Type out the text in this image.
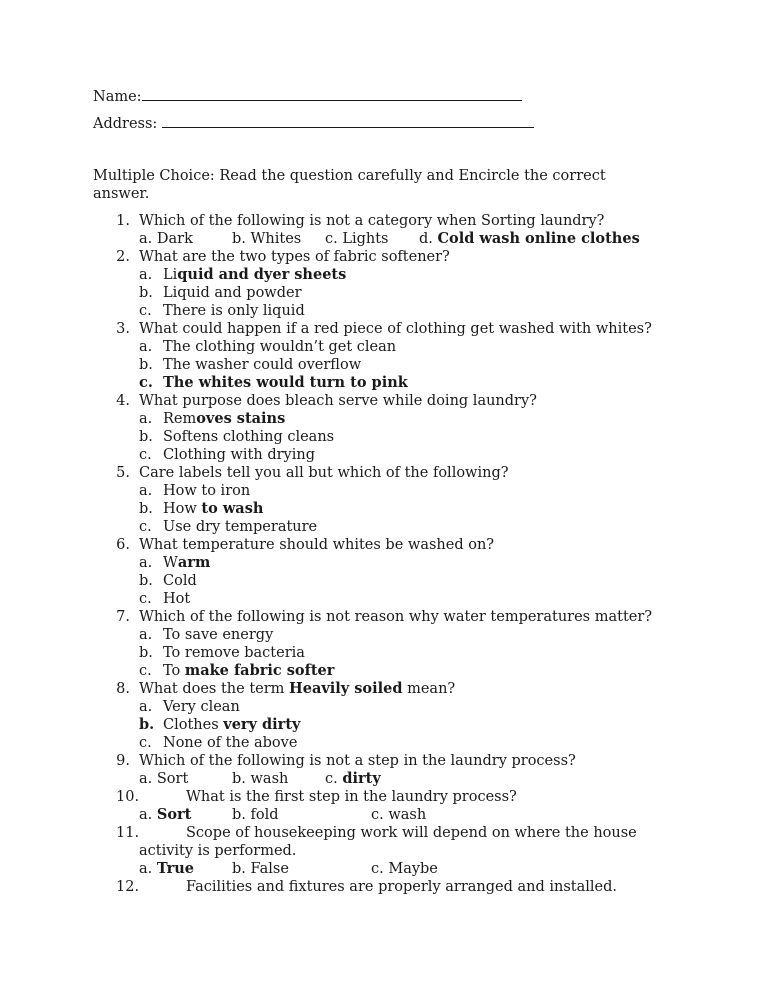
Name:
Address:
Multiple Choice: Read the question carefully and Encircle the correct
answer.
1. Which of the following is not a category when Sorting laundry?
a. Dark	b. Whites c. Lights d. Cold wash online clothes
2. What are the two types of fabric softener?
a. Liquid and dyer sheets
b. Liquid and powder
c. There is only liquid
3. What could happen if a red piece of clothing get washed with whites?
a. The clothing wouldn’t get clean
b. The washer could overflow
c. The whites would turn to pink
4. What purpose does bleach serve while doing laundry?
a. Removes stains
b. Softens clothing cleans
c. Clothing with drying
5. Care labels tell you all but which of the following?
a. How to iron
b. How to wash
c. Use dry temperature
6. What temperature should whites be washed on?
a. Warm
b. Cold
c. Hot
7. Which of the following is not reason why water temperatures matter?
a. To save energy
b. To remove bacteria
c. To make fabric softer
8. What does the term Heavily soiled mean?
a. Very clean
b. Clothes very dirty
c. None of the above
9. Which of the following is not a step in the laundry process?
a. Sort	b. wash	c. dirty
10.	What is the first step in the laundry process?
a. Sort	b. fold	c. wash
11.	Scope of housekeeping work will depend on where the house
activity is performed.
a. True	b. False	c. Maybe
12.	Facilities and fixtures are properly arranged and installed.
